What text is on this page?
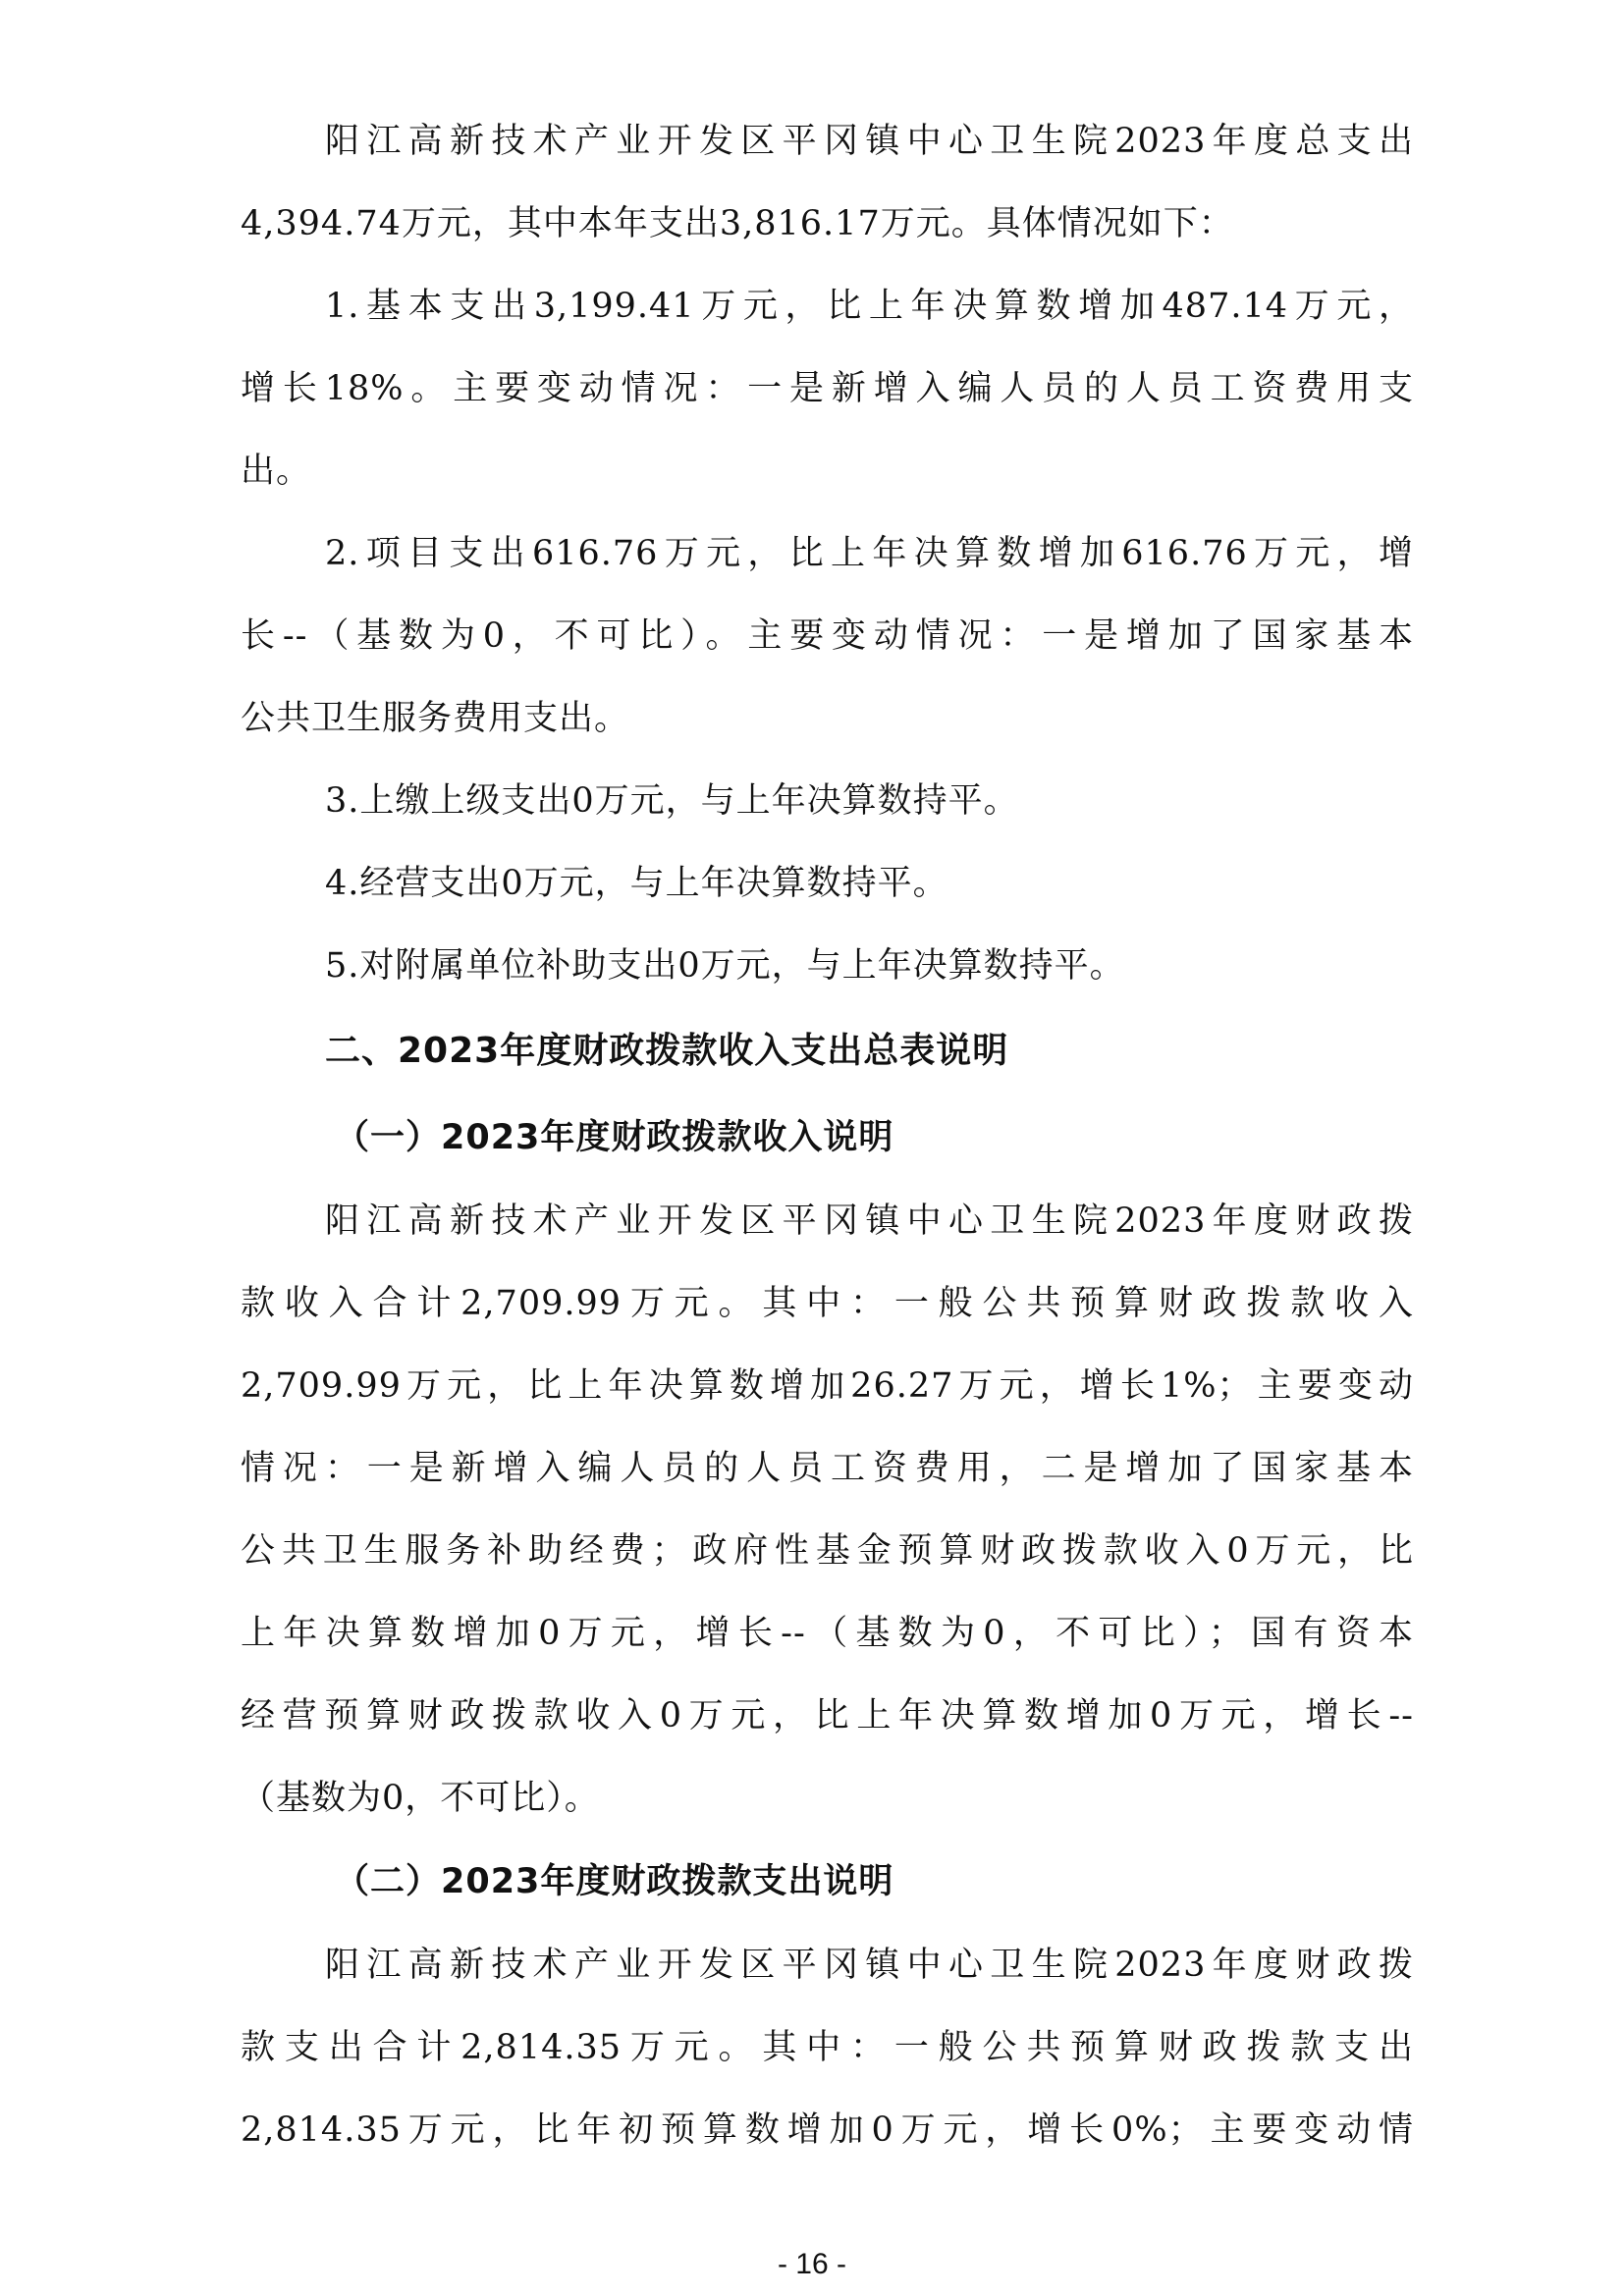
阳江高新技术产业开发区平冈镇中心卫生院2023年度总支出
4,394.74万元，其中本年支出3,816.17万元。具体情况如下：
1.基本支出3,199.41万元，比上年决算数增加487.14万元，
增长18%。主要变动情况：一是新增入编人员的人员工资费用支
出。
2.项目支出616.76万元，比上年决算数增加616.76万元，增
长--（基数为0，不可比）。主要变动情况：一是增加了国家基本
公共卫生服务费用支出。
3.上缴上级支出0万元，与上年决算数持平。
4.经营支出0万元，与上年决算数持平。
5.对附属单位补助支出0万元，与上年决算数持平。
二、2023年度财政拨款收入支出总表说明
（一）2023年度财政拨款收入说明
阳江高新技术产业开发区平冈镇中心卫生院2023年度财政拨
款收入合计2,709.99万元。其中：一般公共预算财政拨款收入
2,709.99万元，比上年决算数增加26.27万元，增长1%；主要变动
情况：一是新增入编人员的人员工资费用，二是增加了国家基本
公共卫生服务补助经费；政府性基金预算财政拨款收入0万元，比
上年决算数增加0万元，增长--（基数为0，不可比）；国有资本
经营预算财政拨款收入0万元，比上年决算数增加0万元，增长--
（基数为0，不可比）。
（二）2023年度财政拨款支出说明
阳江高新技术产业开发区平冈镇中心卫生院2023年度财政拨
款支出合计2,814.35万元。其中：一般公共预算财政拨款支出
2,814.35万元，比年初预算数增加0万元，增长0%；主要变动情
- 16 -
